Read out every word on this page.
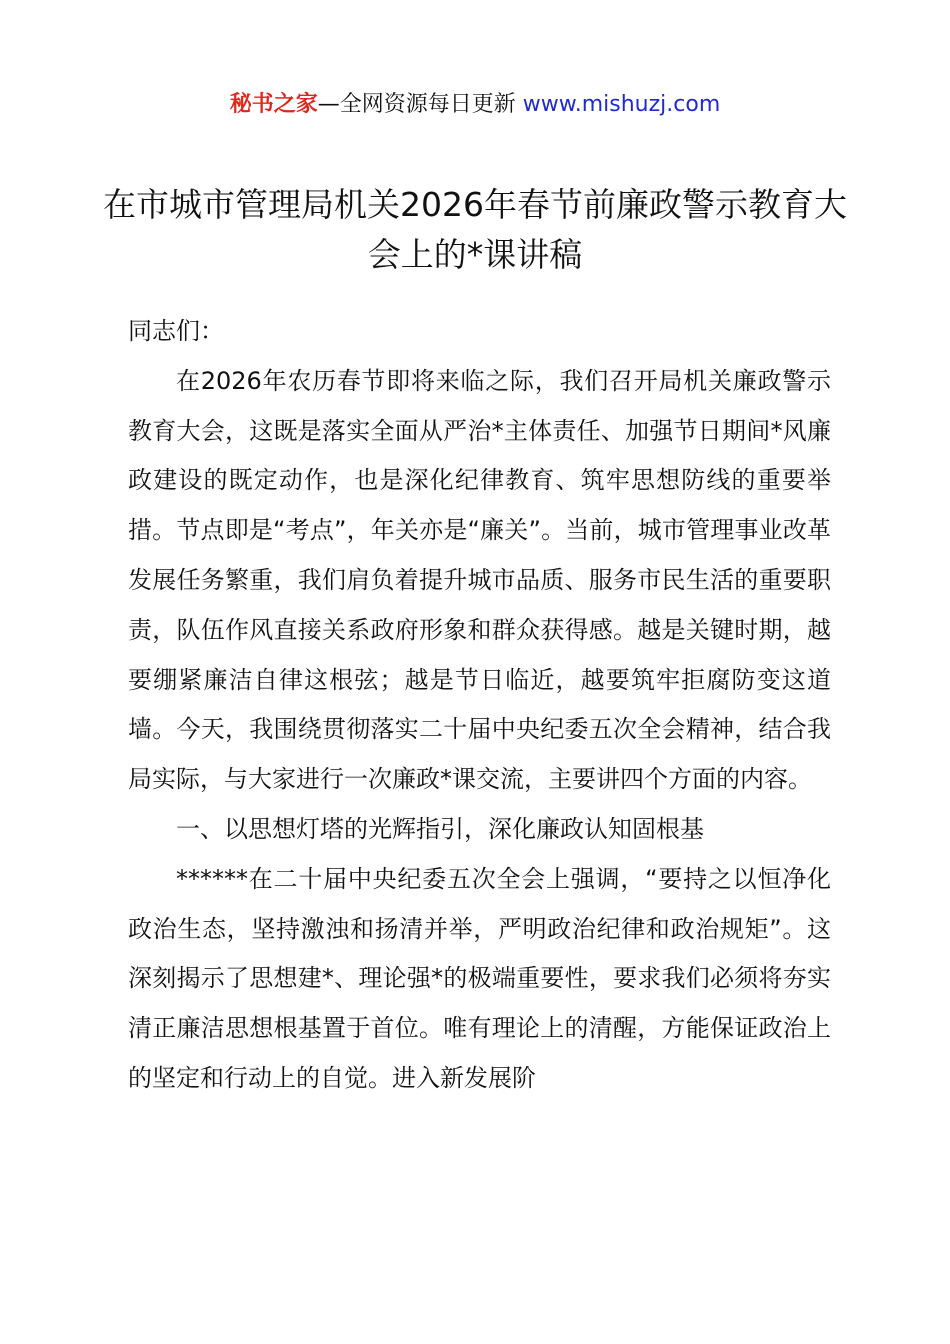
秘书之家—全网资源每日更新 www.mishuzj.com
在市城市管理局机关2026年春节前廉政警示教育大会上的*课讲稿

同志们：

在2026年农历春节即将来临之际，我们召开局机关廉政警示教育大会，这既是落实全面从严治*主体责任、加强节日期间*风廉政建设的既定动作，也是深化纪律教育、筑牢思想防线的重要举措。节点即是“考点”，年关亦是“廉关”。当前，城市管理事业改革发展任务繁重，我们肩负着提升城市品质、服务市民生活的重要职责，队伍作风直接关系政府形象和群众获得感。越是关键时期，越要绷紧廉洁自律这根弦；越是节日临近，越要筑牢拒腐防变这道墙。今天，我围绕贯彻落实二十届中央纪委五次全会精神，结合我局实际，与大家进行一次廉政*课交流，主要讲四个方面的内容。

一、以思想灯塔的光辉指引，深化廉政认知固根基

******在二十届中央纪委五次全会上强调，“要持之以恒净化政治生态，坚持激浊和扬清并举，严明政治纪律和政治规矩”。这深刻揭示了思想建*、理论强*的极端重要性，要求我们必须将夯实清正廉洁思想根基置于首位。唯有理论上的清醒，方能保证政治上的坚定和行动上的自觉。进入新发展阶
